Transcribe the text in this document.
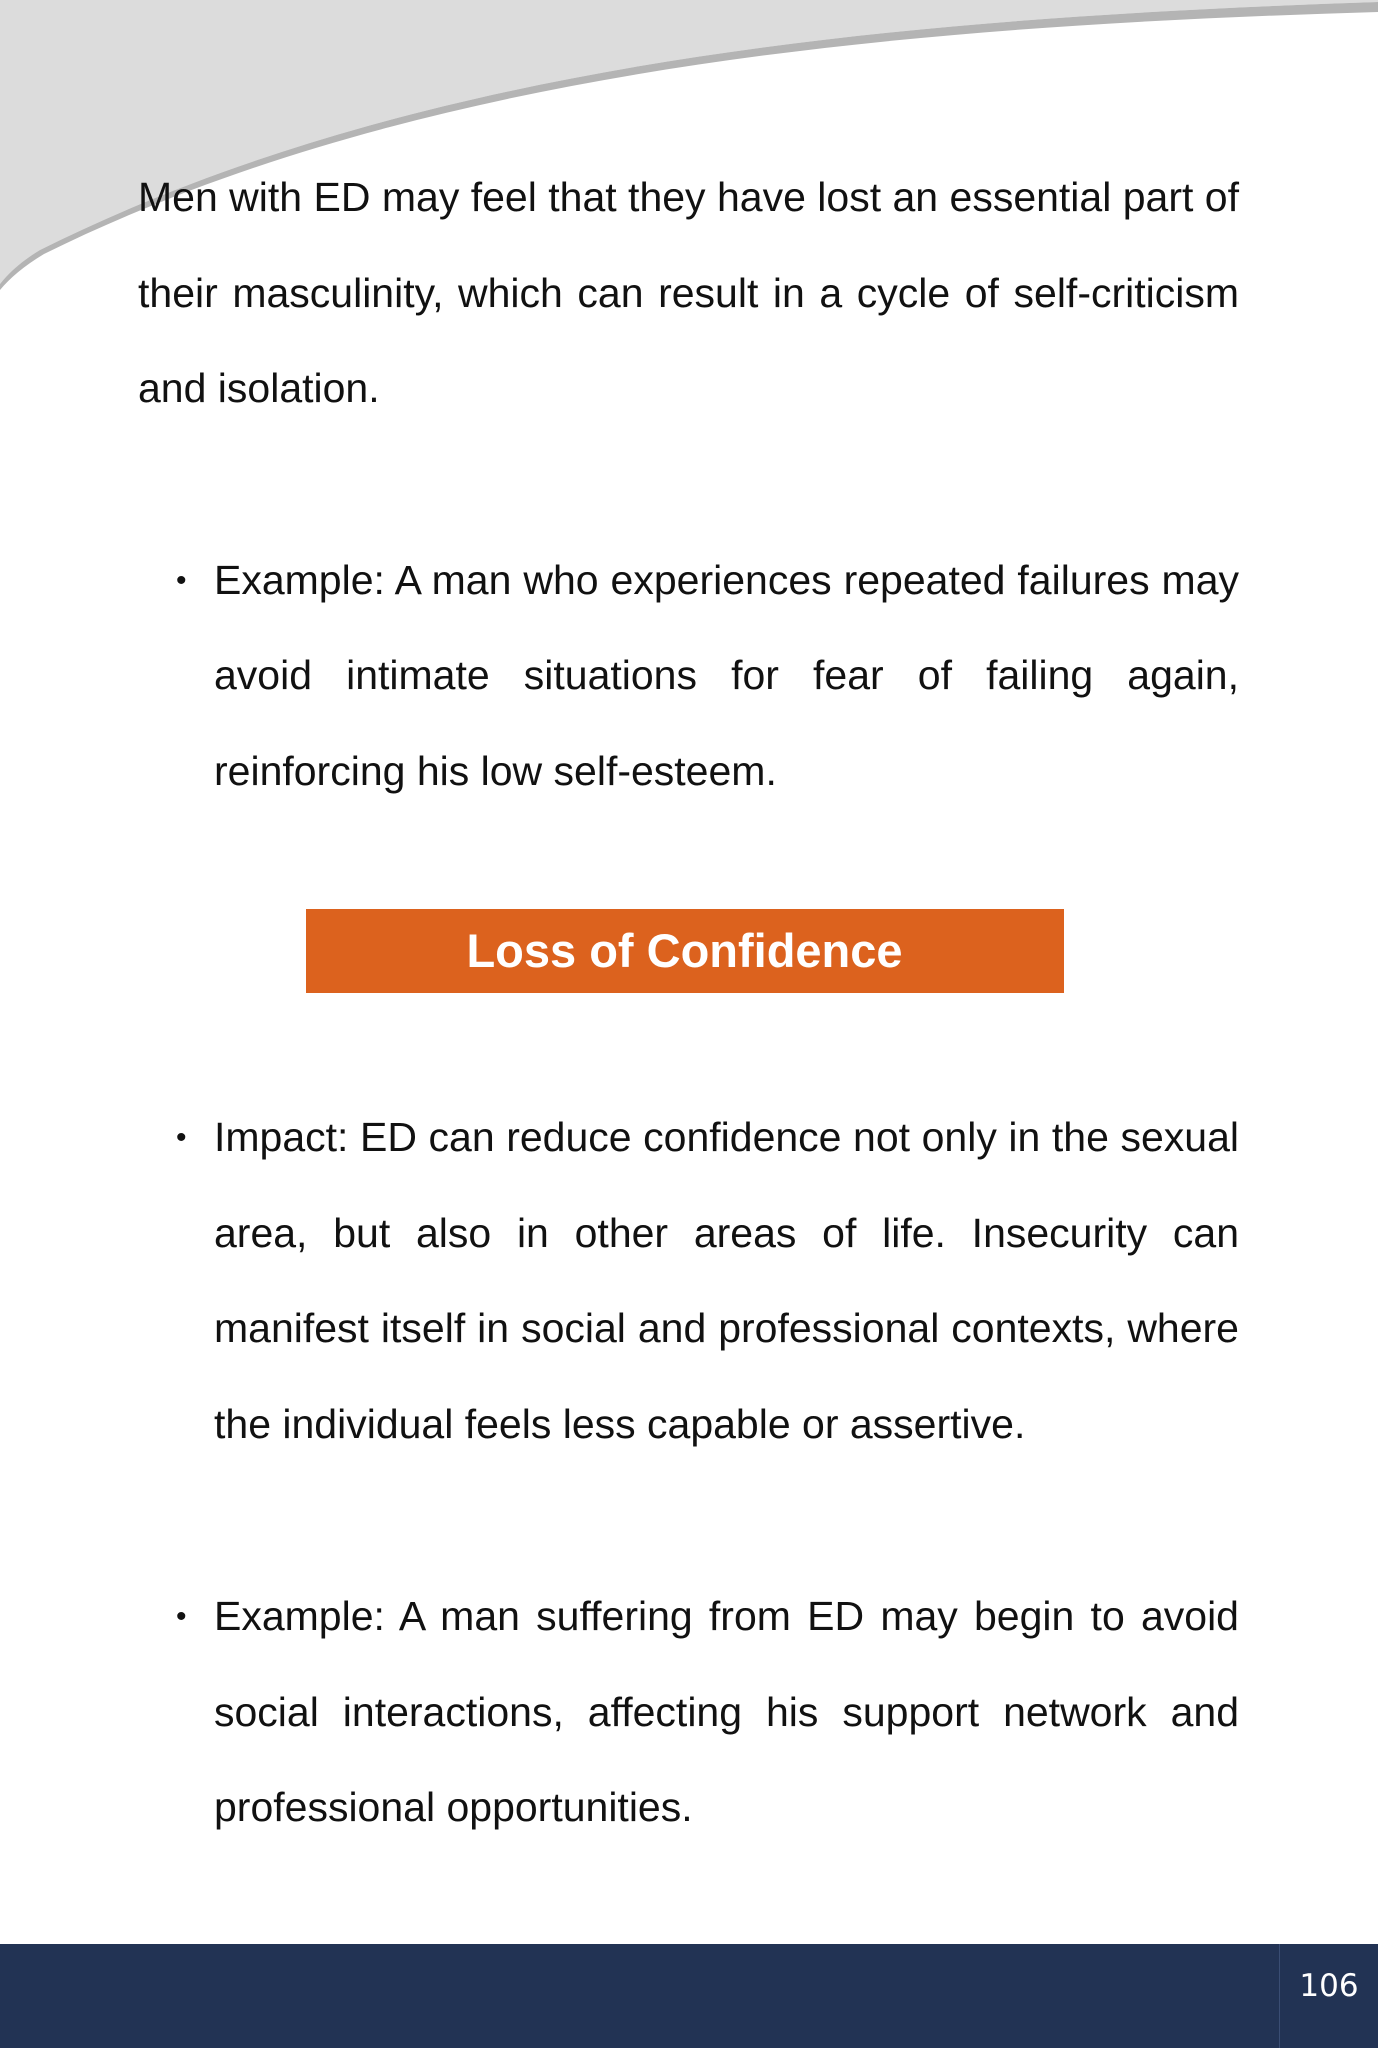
Men with ED may feel that they have lost an essential part of their masculinity, which can result in a cycle of self-criticism and isolation.

• Example: A man who experiences repeated failures may avoid intimate situations for fear of failing again, reinforcing his low self-esteem.
Loss of Confidence
• Impact: ED can reduce confidence not only in the sexual area, but also in other areas of life. Insecurity can manifest itself in social and professional contexts, where the individual feels less capable or assertive.
• Example: A man suffering from ED may begin to avoid social interactions, affecting his support network and professional opportunities.
106
